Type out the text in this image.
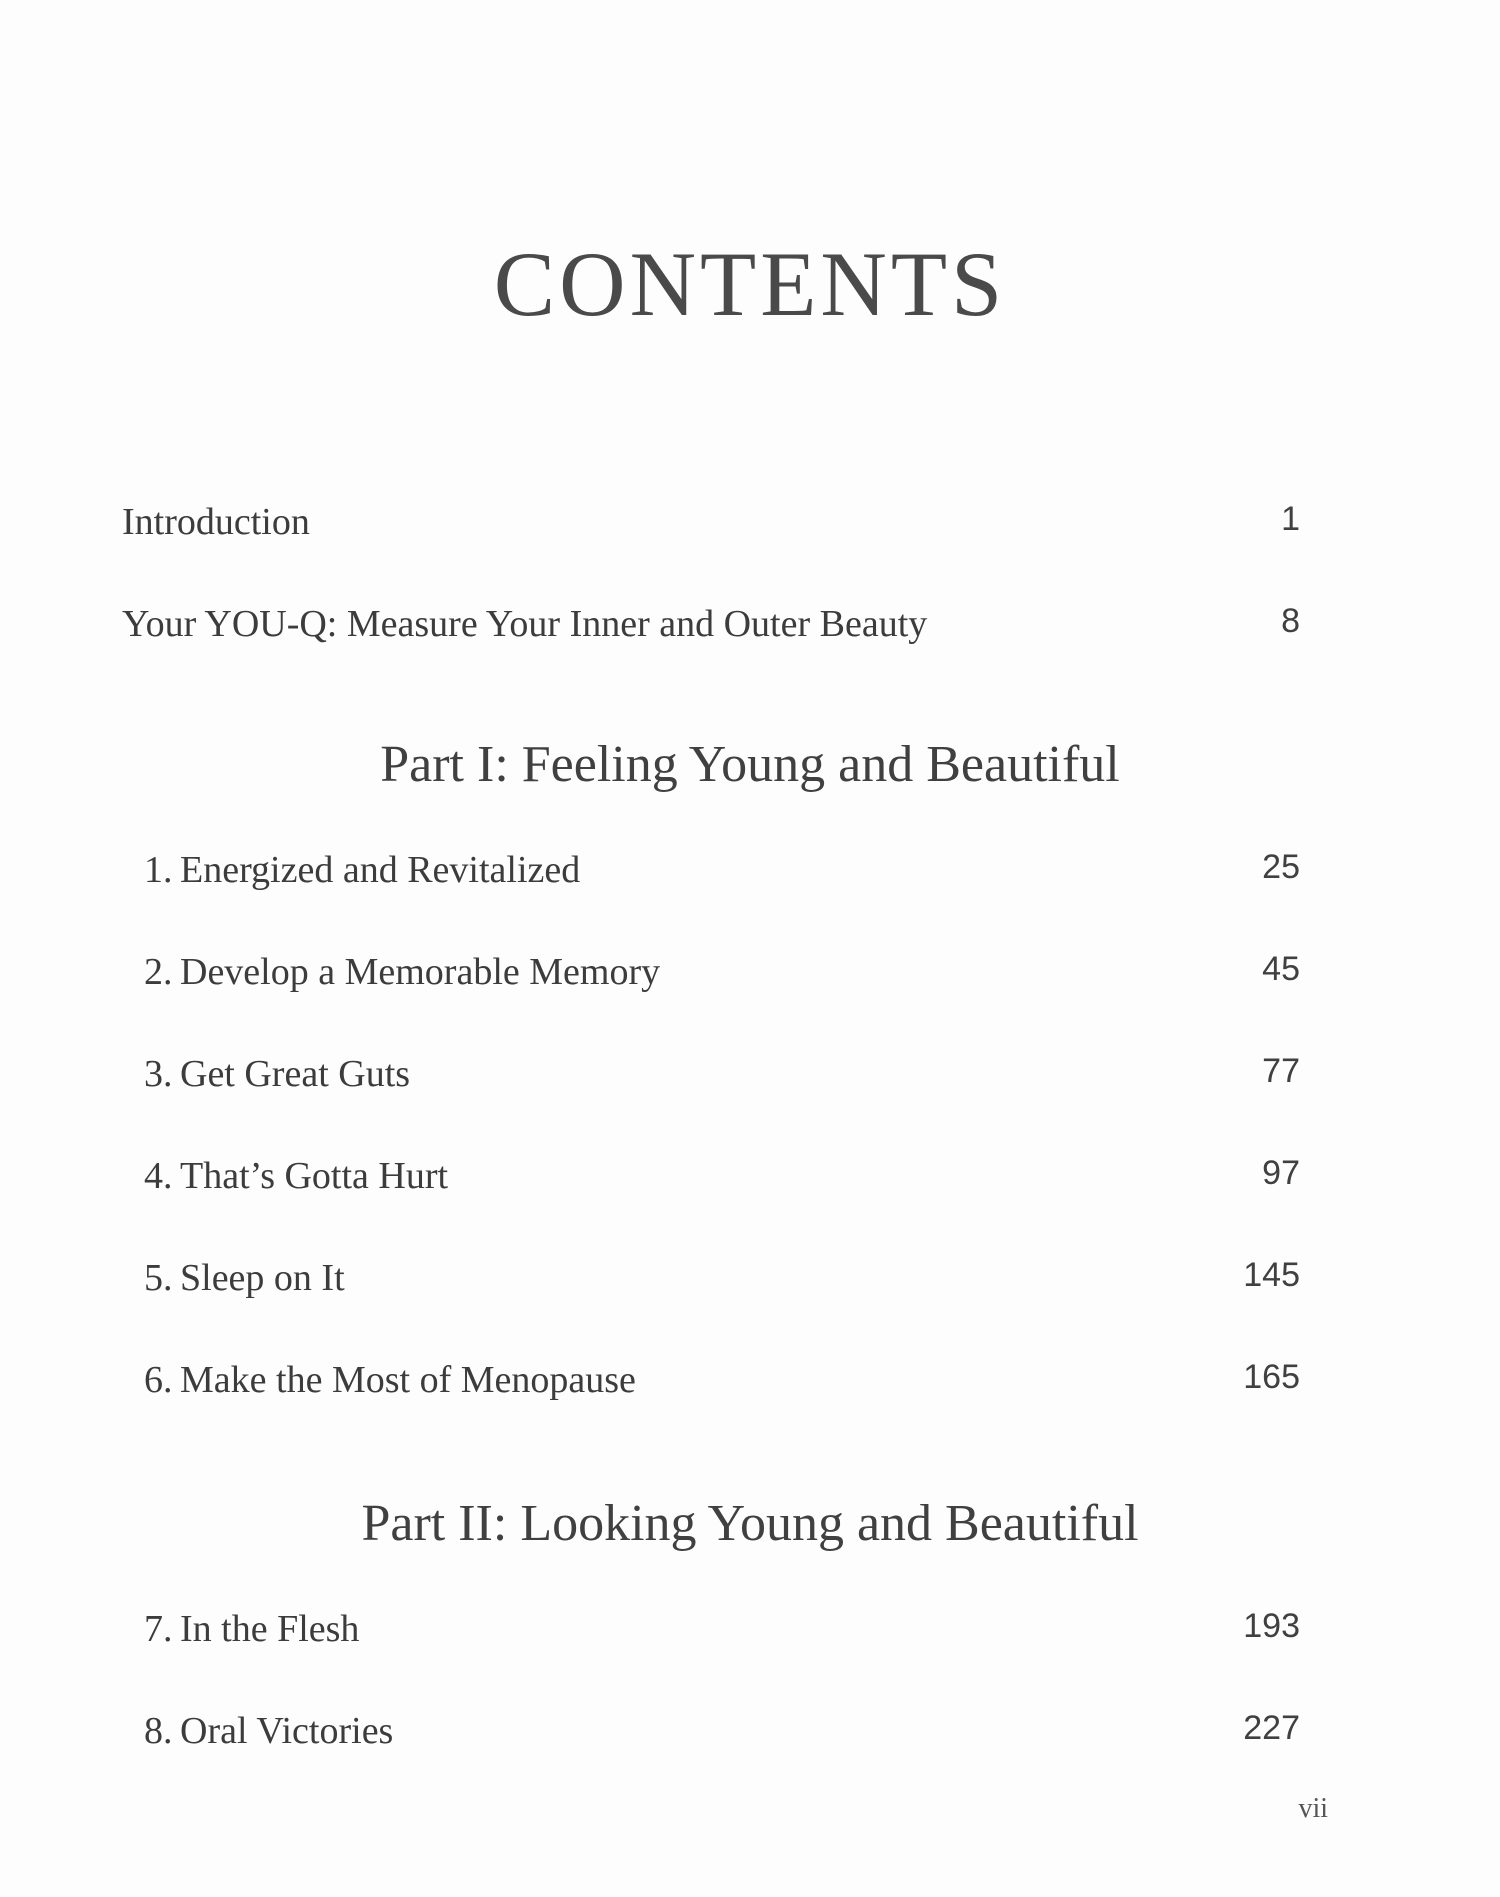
CONTENTS
Introduction	1
Your YOU-Q: Measure Your Inner and Outer Beauty	8
Part I: Feeling Young and Beautiful
1. Energized and Revitalized	25
2. Develop a Memorable Memory	45
3. Get Great Guts	77
4. That’s Gotta Hurt	97
5. Sleep on It	145
6. Make the Most of Menopause	165
Part II: Looking Young and Beautiful
7. In the Flesh	193
8. Oral Victories	227
vii
